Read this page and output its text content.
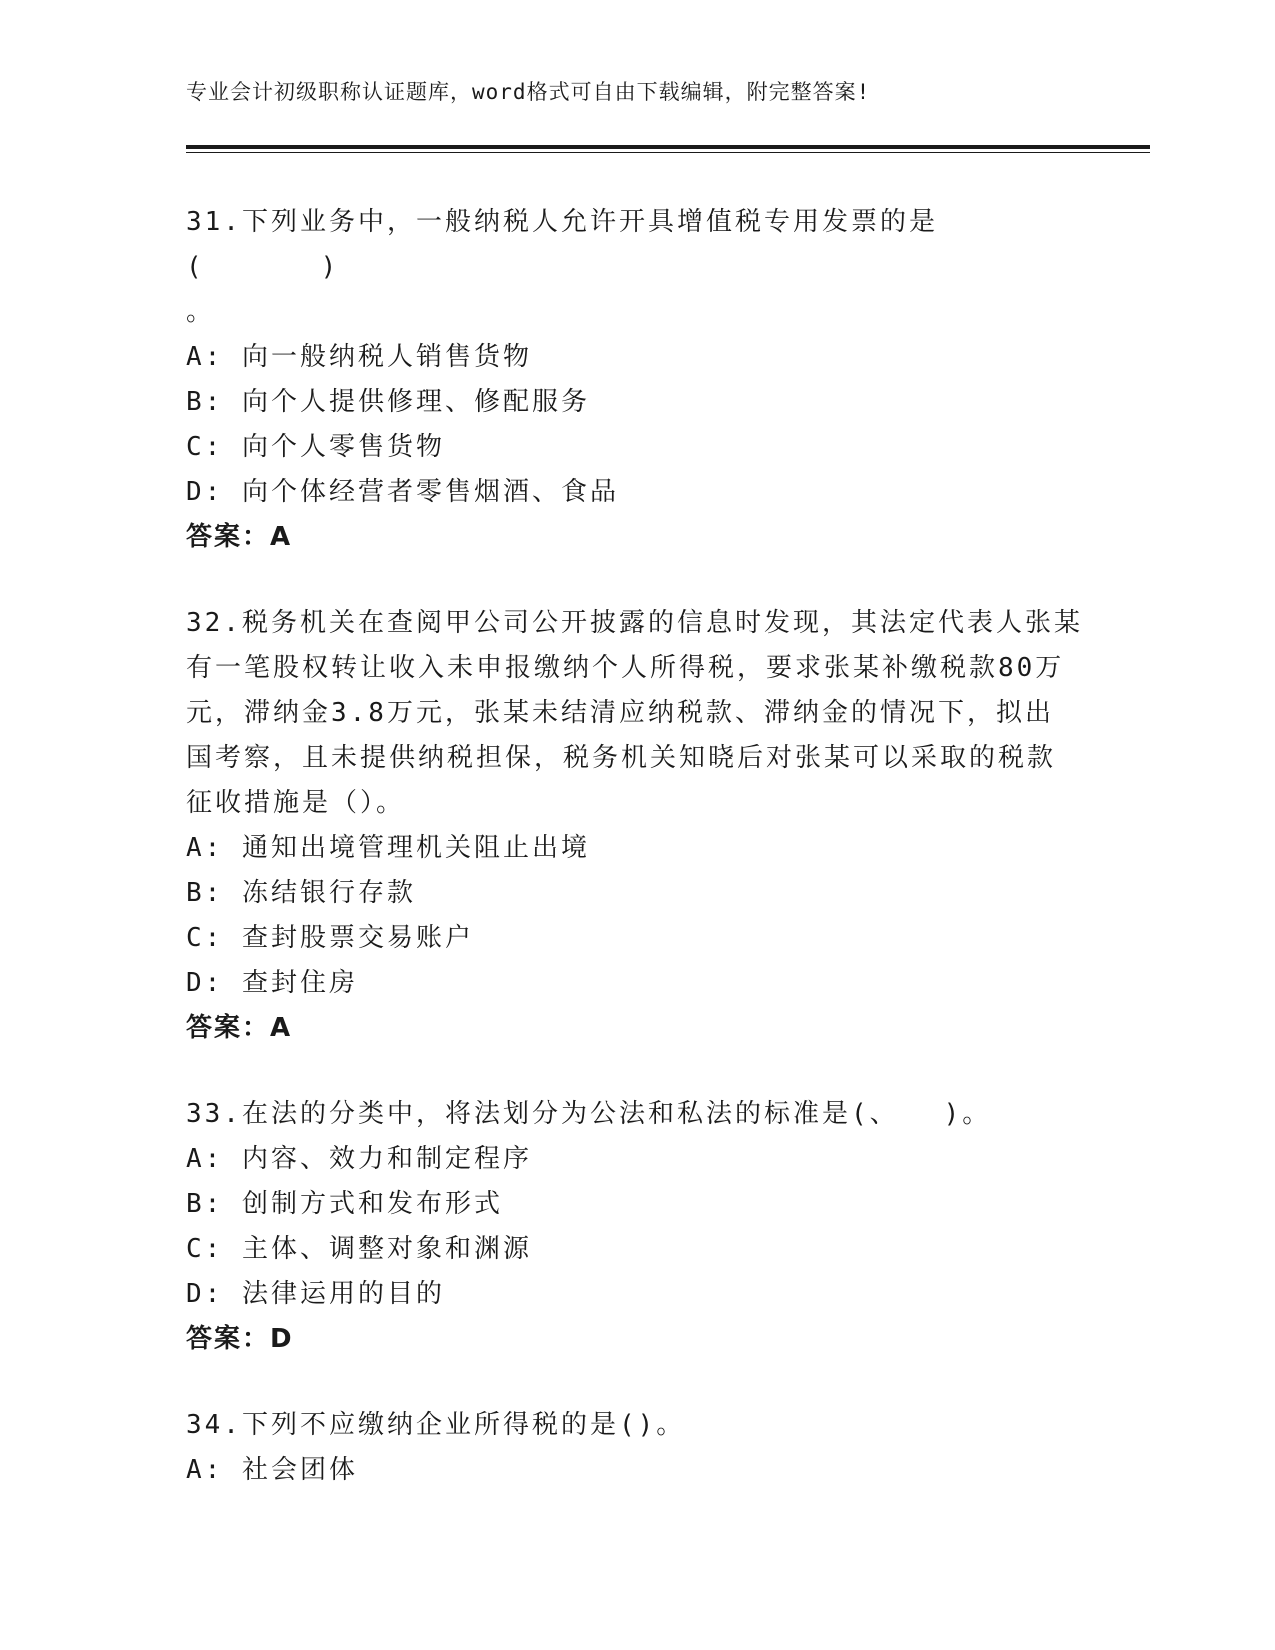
专业会计初级职称认证题库，word格式可自由下载编辑，附完整答案!
31.下列业务中，一般纳税人允许开具增值税专用发票的是(　　　　)
。
A: 向一般纳税人销售货物
B: 向个人提供修理、修配服务
C: 向个人零售货物
D: 向个体经营者零售烟酒、食品
答案：A
32.税务机关在查阅甲公司公开披露的信息时发现，其法定代表人张某
有一笔股权转让收入未申报缴纳个人所得税，要求张某补缴税款80万
元，滞纳金3.8万元，张某未结清应纳税款、滞纳金的情况下，拟出
国考察，且未提供纳税担保，税务机关知晓后对张某可以采取的税款
征收措施是（）。
A: 通知出境管理机关阻止出境
B: 冻结银行存款
C: 查封股票交易账户
D: 查封住房
答案：A
33.在法的分类中，将法划分为公法和私法的标准是(、　　)。
A: 内容、效力和制定程序
B: 创制方式和发布形式
C: 主体、调整对象和渊源
D: 法律运用的目的
答案：D
34.下列不应缴纳企业所得税的是()。
A: 社会团体
